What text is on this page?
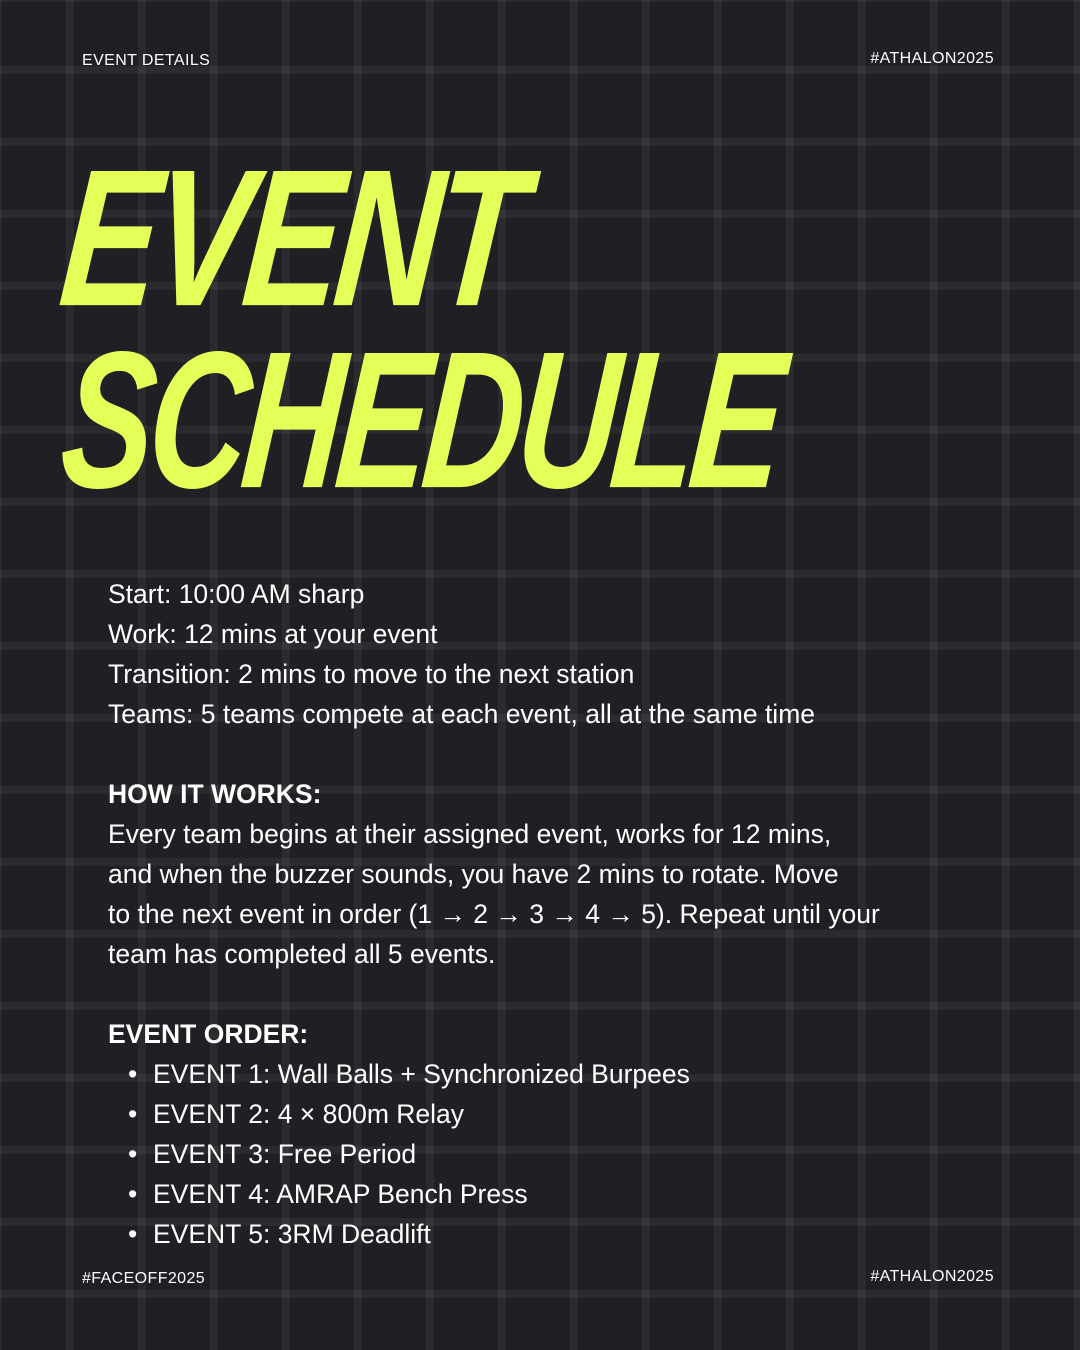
EVENT DETAILS	#ATHALON2025
EVENT
SCHEDULE

Start: 10:00 AM sharp

Work: 12 mins at your event

Transition: 2 mins to move to the next station

Teams: 5 teams compete at each event, all at the same time

HOW IT WORKS:

Every team begins at their assigned event, works for 12 mins,

and when the buzzer sounds, you have 2 mins to rotate. Move

to the next event in order (1 → 2 → 3 → 4 → 5). Repeat until your

team has completed all 5 events.

EVENT ORDER:

• EVENT 1: Wall Balls + Synchronized Burpees
• EVENT 2: 4 × 800m Relay
• EVENT 3: Free Period
• EVENT 4: AMRAP Bench Press
• EVENT 5: 3RM Deadlift
#FACEOFF2025	#ATHALON2025
